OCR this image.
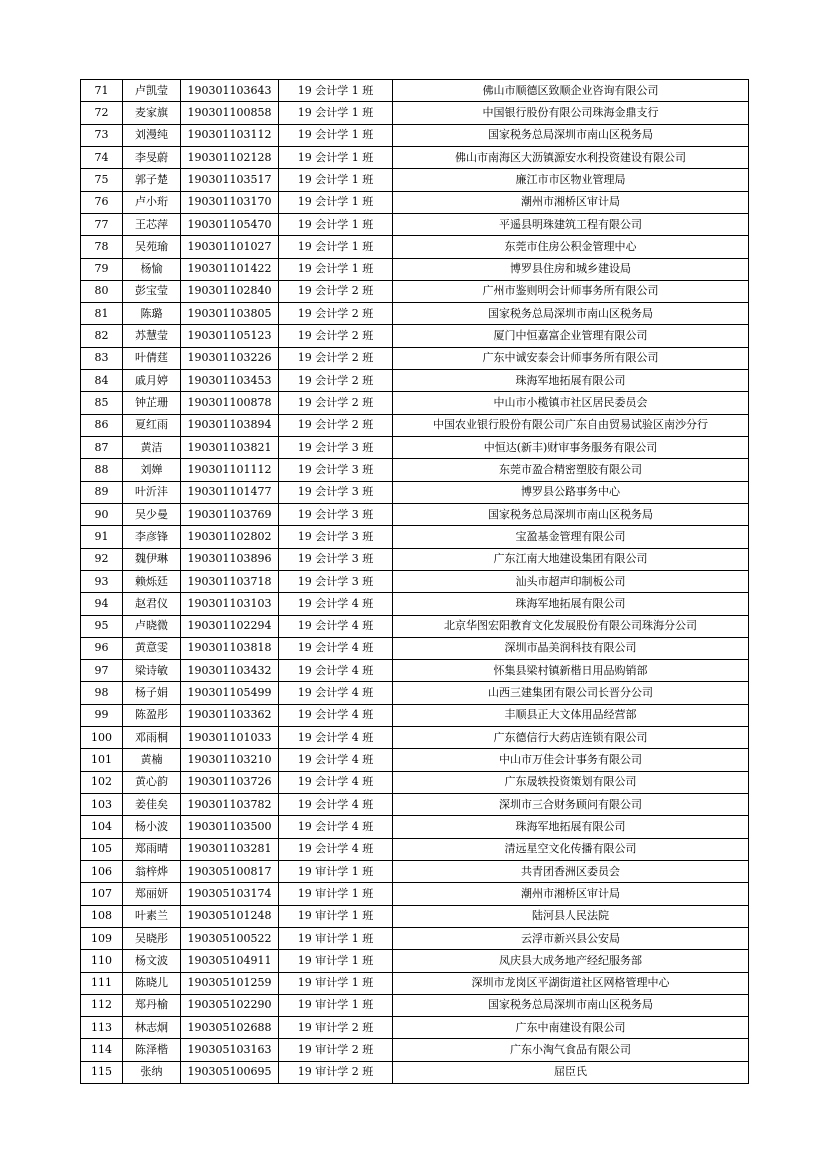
71	卢凯莹	190301103643	19 会计学 1 班	佛山市顺德区致顺企业咨询有限公司
72	麦家旗	190301100858	19 会计学 1 班	中国银行股份有限公司珠海金鼎支行
73	刘漫纯	190301103112	19 会计学 1 班	国家税务总局深圳市南山区税务局
74	李旻蔚	190301102128	19 会计学 1 班	佛山市南海区大沥镇源安水利投资建设有限公司
75	郭子楚	190301103517	19 会计学 1 班	廉江市市区物业管理局
76	卢小珩	190301103170	19 会计学 1 班	潮州市湘桥区审计局
77	王芯萍	190301105470	19 会计学 1 班	平遥县明珠建筑工程有限公司
78	吴苑瑜	190301101027	19 会计学 1 班	东莞市住房公积金管理中心
79	杨愉	190301101422	19 会计学 1 班	博罗县住房和城乡建设局
80	彭宝莹	190301102840	19 会计学 2 班	广州市鉴则明会计师事务所有限公司
81	陈璐	190301103805	19 会计学 2 班	国家税务总局深圳市南山区税务局
82	苏慧莹	190301105123	19 会计学 2 班	厦门中恒嘉富企业管理有限公司
83	叶倩莛	190301103226	19 会计学 2 班	广东中诚安泰会计师事务所有限公司
84	戚月婷	190301103453	19 会计学 2 班	珠海军地拓展有限公司
85	钟芷珊	190301100878	19 会计学 2 班	中山市小榄镇市社区居民委员会
86	夏红雨	190301103894	19 会计学 2 班	中国农业银行股份有限公司广东自由贸易试验区南沙分行
87	黄洁	190301103821	19 会计学 3 班	中恒达(新丰)财审事务服务有限公司
88	刘婵	190301101112	19 会计学 3 班	东莞市盈合精密塑胶有限公司
89	叶沂沣	190301101477	19 会计学 3 班	博罗县公路事务中心
90	吴少曼	190301103769	19 会计学 3 班	国家税务总局深圳市南山区税务局
91	李彦锋	190301102802	19 会计学 3 班	宝盈基金管理有限公司
92	魏伊琳	190301103896	19 会计学 3 班	广东江南大地建设集团有限公司
93	赖烁廷	190301103718	19 会计学 3 班	汕头市超声印制板公司
94	赵君仪	190301103103	19 会计学 4 班	珠海军地拓展有限公司
95	卢晓微	190301102294	19 会计学 4 班	北京华图宏阳教育文化发展股份有限公司珠海分公司
96	黄意雯	190301103818	19 会计学 4 班	深圳市晶美润科技有限公司
97	梁诗敏	190301103432	19 会计学 4 班	怀集县梁村镇新楷日用品购销部
98	杨子娟	190301105499	19 会计学 4 班	山西三建集团有限公司长晋分公司
99	陈盈彤	190301103362	19 会计学 4 班	丰顺县正大文体用品经营部
100	邓雨桐	190301101033	19 会计学 4 班	广东德信行大药店连锁有限公司
101	黄楠	190301103210	19 会计学 4 班	中山市万佳会计事务有限公司
102	黄心韵	190301103726	19 会计学 4 班	广东晟轶投资策划有限公司
103	姜佳矣	190301103782	19 会计学 4 班	深圳市三合财务顾问有限公司
104	杨小波	190301103500	19 会计学 4 班	珠海军地拓展有限公司
105	郑雨晴	190301103281	19 会计学 4 班	清远星空文化传播有限公司
106	翁梓烨	190305100817	19 审计学 1 班	共青团香洲区委员会
107	郑丽妍	190305103174	19 审计学 1 班	潮州市湘桥区审计局
108	叶素兰	190305101248	19 审计学 1 班	陆河县人民法院
109	吴晓彤	190305100522	19 审计学 1 班	云浮市新兴县公安局
110	杨文波	190305104911	19 审计学 1 班	凤庆县大成务地产经纪服务部
111	陈晓儿	190305101259	19 审计学 1 班	深圳市龙岗区平湖街道社区网格管理中心
112	郑丹榆	190305102290	19 审计学 1 班	国家税务总局深圳市南山区税务局
113	林志炯	190305102688	19 审计学 2 班	广东中南建设有限公司
114	陈泽楷	190305103163	19 审计学 2 班	广东小淘气食品有限公司
115	张纳	190305100695	19 审计学 2 班	屈臣氏
